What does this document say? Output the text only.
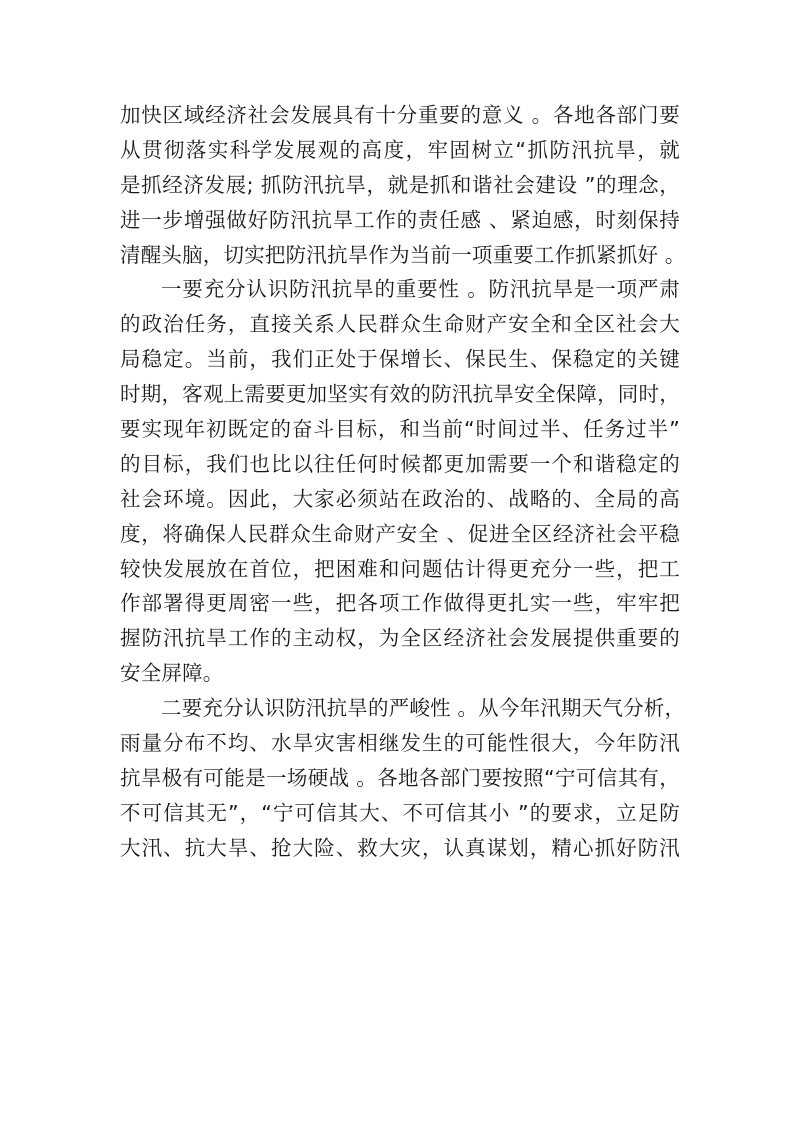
加快区域经济社会发展具有十分重要的意义 。各地各部门要
从贯彻落实科学发展观的高度，牢固树立“抓防汛抗旱，就
是抓经济发展; 抓防汛抗旱，就是抓和谐社会建设 ”的理念，
进一步增强做好防汛抗旱工作的责任感 、紧迫感，时刻保持
清醒头脑，切实把防汛抗旱作为当前一项重要工作抓紧抓好 。
一要充分认识防汛抗旱的重要性 。防汛抗旱是一项严肃
的政治任务，直接关系人民群众生命财产安全和全区社会大
局稳定。当前，我们正处于保增长、保民生、保稳定的关键
时期，客观上需要更加坚实有效的防汛抗旱安全保障，同时，
要实现年初既定的奋斗目标，和当前“时间过半、任务过半”
的目标，我们也比以往任何时候都更加需要一个和谐稳定的
社会环境。因此，大家必须站在政治的、战略的、全局的高
度，将确保人民群众生命财产安全 、促进全区经济社会平稳
较快发展放在首位，把困难和问题估计得更充分一些，把工
作部署得更周密一些，把各项工作做得更扎实一些，牢牢把
握防汛抗旱工作的主动权，为全区经济社会发展提供重要的
安全屏障。
二要充分认识防汛抗旱的严峻性 。从今年汛期天气分析，
雨量分布不均、水旱灾害相继发生的可能性很大，今年防汛
抗旱极有可能是一场硬战 。各地各部门要按照“宁可信其有，
不可信其无”，“宁可信其大、不可信其小 ”的要求，立足防
大汛、抗大旱、抢大险、救大灾，认真谋划，精心抓好防汛
